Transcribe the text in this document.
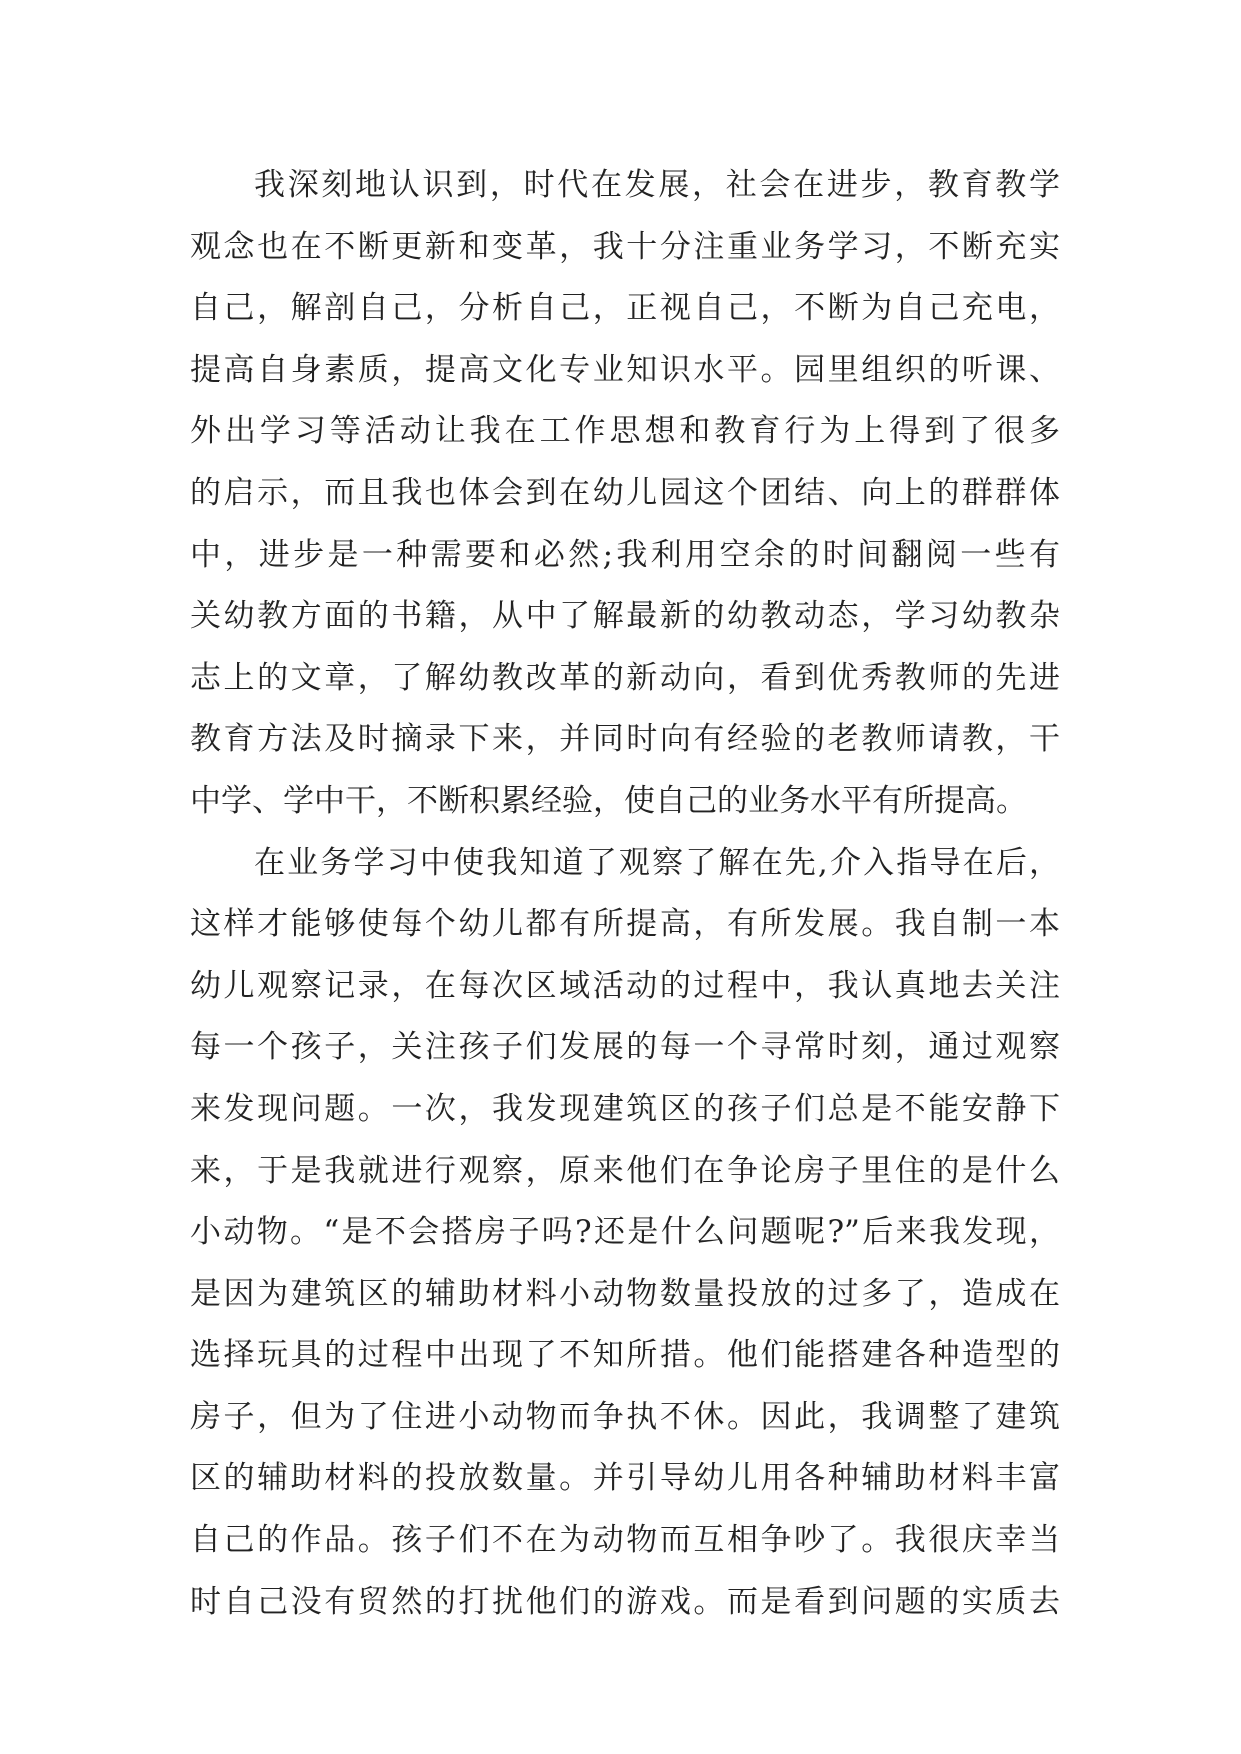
我深刻地认识到，时代在发展，社会在进步，教育教学
观念也在不断更新和变革，我十分注重业务学习，不断充实
自己，解剖自己，分析自己，正视自己，不断为自己充电，
提高自身素质，提高文化专业知识水平。园里组织的听课、
外出学习等活动让我在工作思想和教育行为上得到了很多
的启示，而且我也体会到在幼儿园这个团结、向上的群群体
中，进步是一种需要和必然;我利用空余的时间翻阅一些有
关幼教方面的书籍，从中了解最新的幼教动态，学习幼教杂
志上的文章，了解幼教改革的新动向，看到优秀教师的先进
教育方法及时摘录下来，并同时向有经验的老教师请教，干
中学、学中干，不断积累经验，使自己的业务水平有所提高。
在业务学习中使我知道了观察了解在先,介入指导在后，
这样才能够使每个幼儿都有所提高，有所发展。我自制一本
幼儿观察记录，在每次区域活动的过程中，我认真地去关注
每一个孩子，关注孩子们发展的每一个寻常时刻，通过观察
来发现问题。一次，我发现建筑区的孩子们总是不能安静下
来，于是我就进行观察，原来他们在争论房子里住的是什么
小动物。“是不会搭房子吗?还是什么问题呢?”后来我发现，
是因为建筑区的辅助材料小动物数量投放的过多了，造成在
选择玩具的过程中出现了不知所措。他们能搭建各种造型的
房子，但为了住进小动物而争执不休。因此，我调整了建筑
区的辅助材料的投放数量。并引导幼儿用各种辅助材料丰富
自己的作品。孩子们不在为动物而互相争吵了。我很庆幸当
时自己没有贸然的打扰他们的游戏。而是看到问题的实质去
